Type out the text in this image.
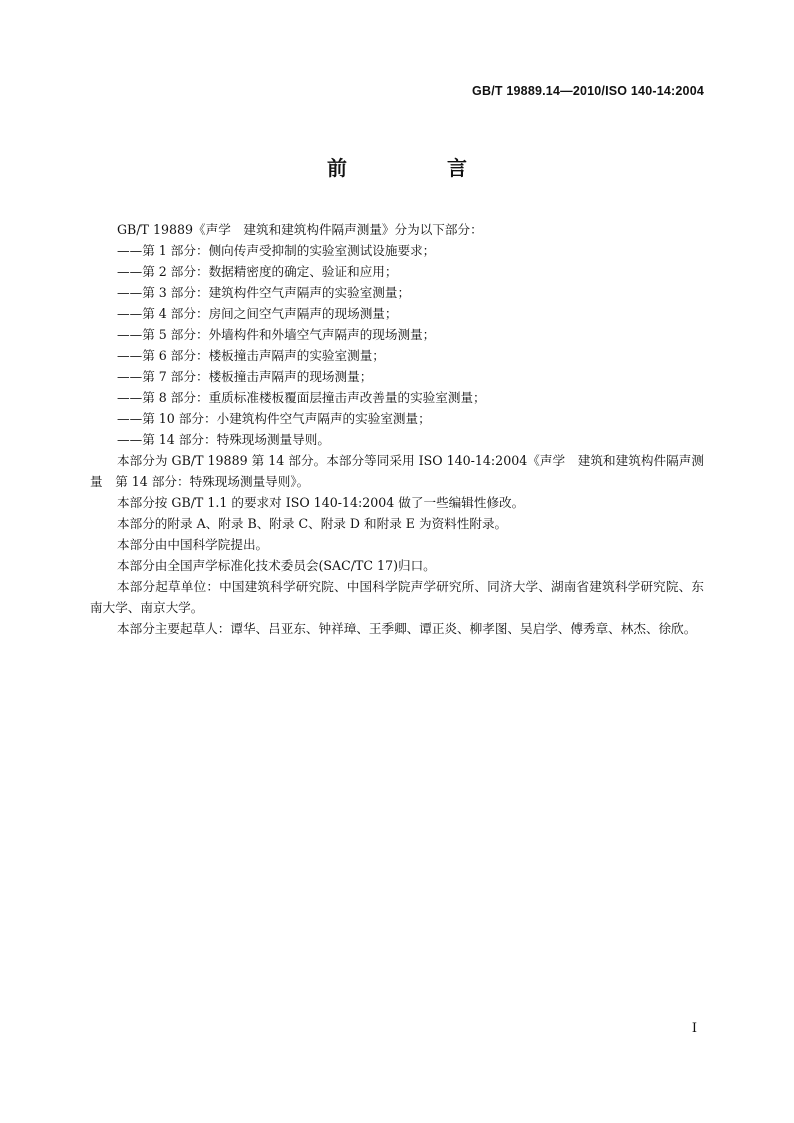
GB/T 19889.14—2010/ISO 140-14:2004
前　言

GB/T 19889《声学　建筑和建筑构件隔声测量》分为以下部分：

——第 1 部分：侧向传声受抑制的实验室测试设施要求；

——第 2 部分：数据精密度的确定、验证和应用；

——第 3 部分：建筑构件空气声隔声的实验室测量；

——第 4 部分：房间之间空气声隔声的现场测量；

——第 5 部分：外墙构件和外墙空气声隔声的现场测量；

——第 6 部分：楼板撞击声隔声的实验室测量；

——第 7 部分：楼板撞击声隔声的现场测量；

——第 8 部分：重质标准楼板覆面层撞击声改善量的实验室测量；

——第 10 部分：小建筑构件空气声隔声的实验室测量；

——第 14 部分：特殊现场测量导则。

本部分为 GB/T 19889 第 14 部分。本部分等同采用 ISO 140-14:2004《声学　建筑和建筑构件隔声测量　第 14 部分：特殊现场测量导则》。

本部分按 GB/T 1.1 的要求对 ISO 140-14:2004 做了一些编辑性修改。

本部分的附录 A、附录 B、附录 C、附录 D 和附录 E 为资料性附录。

本部分由中国科学院提出。

本部分由全国声学标准化技术委员会(SAC/TC 17)归口。

本部分起草单位：中国建筑科学研究院、中国科学院声学研究所、同济大学、湖南省建筑科学研究院、东南大学、南京大学。

本部分主要起草人：谭华、吕亚东、钟祥璋、王季卿、谭正炎、柳孝图、吴启学、傅秀章、林杰、徐欣。

I
